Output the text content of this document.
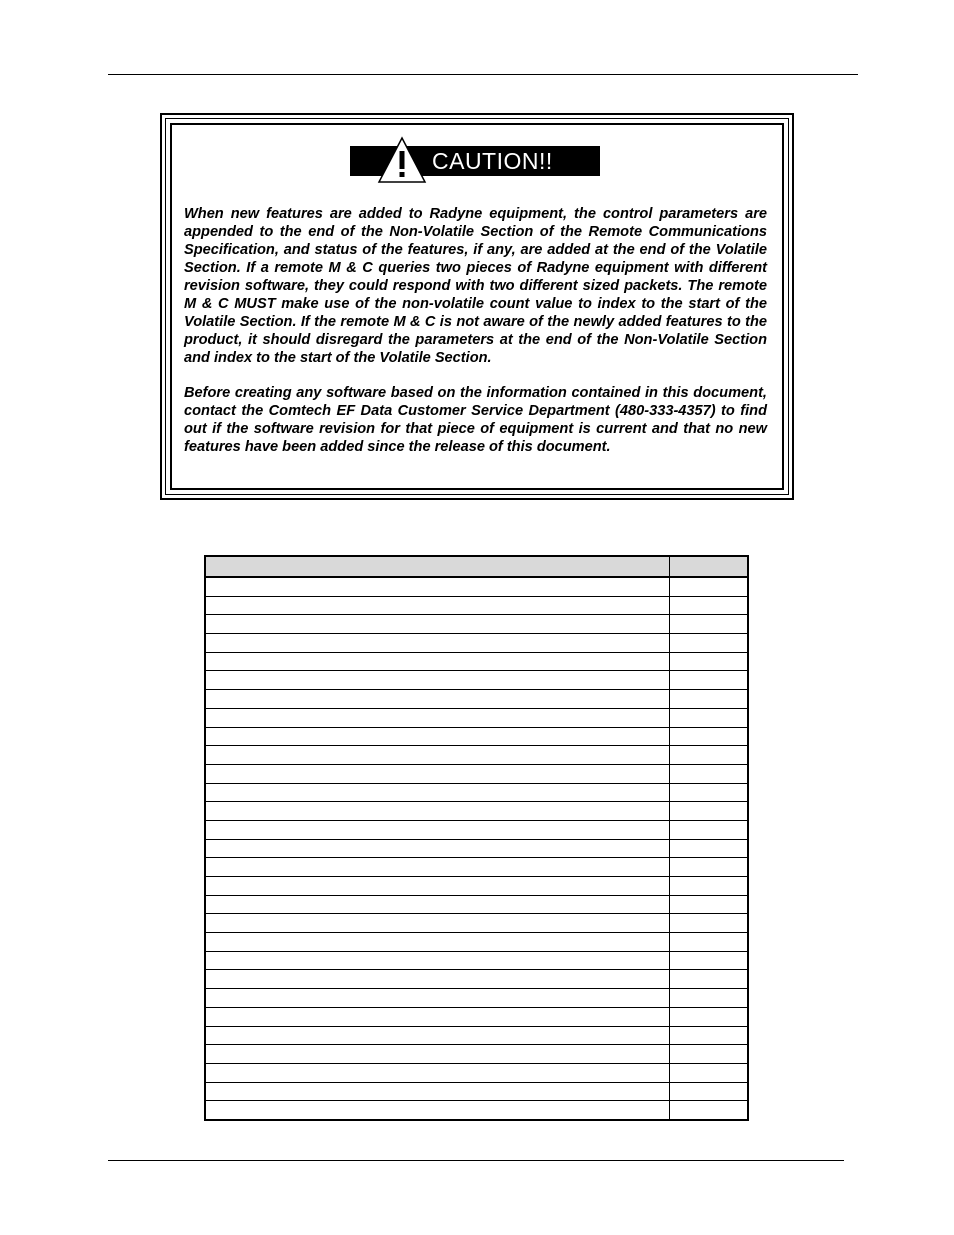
CAUTION!!

When new features are added to Radyne equipment, the control parameters are appended to the end of the Non-Volatile Section of the Remote Communications Specification, and status of the features, if any, are added at the end of the Volatile Section. If a remote M & C queries two pieces of Radyne equipment with different revision software, they could respond with two different sized packets. The remote M & C MUST make use of the non-volatile count value to index to the start of the Volatile Section. If the remote M & C is not aware of the newly added features to the product, it should disregard the parameters at the end of the Non-Volatile Section and index to the start of the Volatile Section.

Before creating any software based on the information contained in this document, contact the Comtech EF Data Customer Service Department (480-333-4357) to find out if the software revision for that piece of equipment is current and that no new features have been added since the release of this document.
